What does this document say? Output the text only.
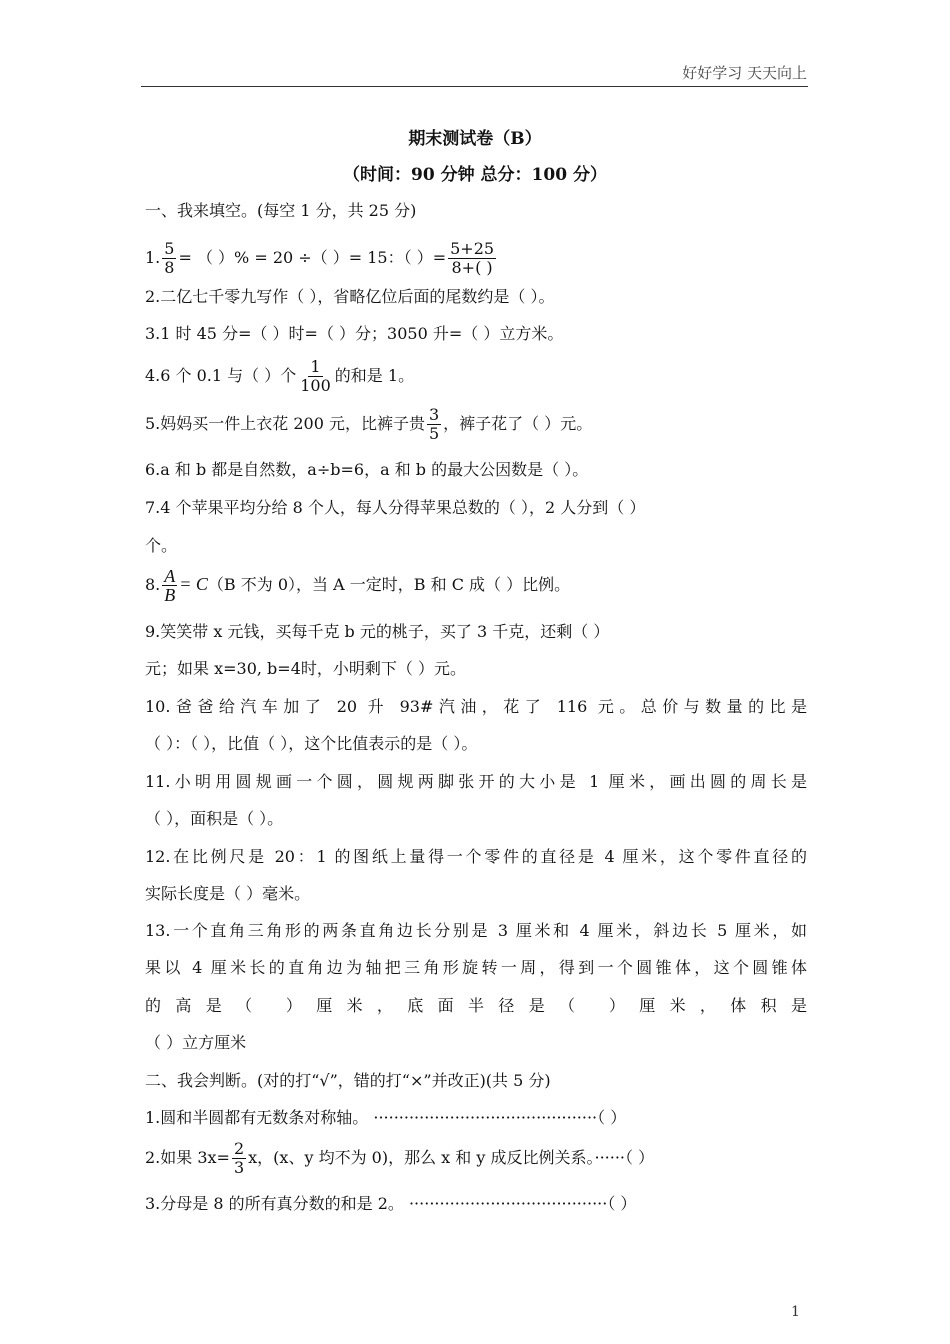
好好学习 天天向上
期末测试卷（B）
（时间：90 分钟 总分：100 分）
一、我来填空。(每空 1 分，共 25 分)
1. $\frac{5}{8}$ = （ ）% = 20 ÷（ ）= 15：（ ）= $\frac{5+25}{8+( )}$
2.二亿七千零九写作（ ），省略亿位后面的尾数约是（ ）。
3.1 时 45 分=（ ）时=（ ）分；3050 升=（ ）立方米。
4.6 个 0.1 与（ ）个 $\frac{1}{100}$ 的和是 1。
5.妈妈买一件上衣花 200 元，比裤子贵 $\frac{3}{5}$ ，裤子花了（ ）元。
6.a 和 b 都是自然数，a÷b=6，a 和 b 的最大公因数是（ ）。
7.4 个苹果平均分给 8 个人，每人分得苹果总数的（ ），2 人分到（ ）
个。
8. $\frac{A}{B} = C(B$ 不为 0），当 A 一定时，B 和 C 成（ ）比例。
9.笑笑带 x 元钱，买每千克 b 元的桃子，买了 3 千克，还剩（ ）
元；如果 x=30, b=4时，小明剩下（ ）元。
10.爸爸给汽车加了 20 升 93#汽油，花了 116 元。总价与数量的比是
（ ）：（ ），比值（ ），这个比值表示的是（ ）。
11.小明用圆规画一个圆，圆规两脚张开的大小是 1 厘米，画出圆的周长是
（ ），面积是（ ）。
12.在比例尺是 20：1 的图纸上量得一个零件的直径是 4 厘米，这个零件直径的
实际长度是（ ）毫米。
13.一个直角三角形的两条直角边长分别是 3 厘米和 4 厘米，斜边长 5 厘米，如
果以 4 厘米长的直角边为轴把三角形旋转一周，得到一个圆锥体，这个圆锥体
的高是（ ）厘米，底面半径是（ ）厘米，体积是
（ ）立方厘米
二、我会判断。(对的打“√”，错的打“×”并改正)(共 5 分)
1.圆和半圆都有无数条对称轴。 ············································（ ）
2.如果 $3x= \frac{2}{3}$ x，(x、y 均不为 0)，那么 x 和 y 成反比例关系。······（ ）
3.分母是 8 的所有真分数的和是 2。 ·······································（ ）
1
